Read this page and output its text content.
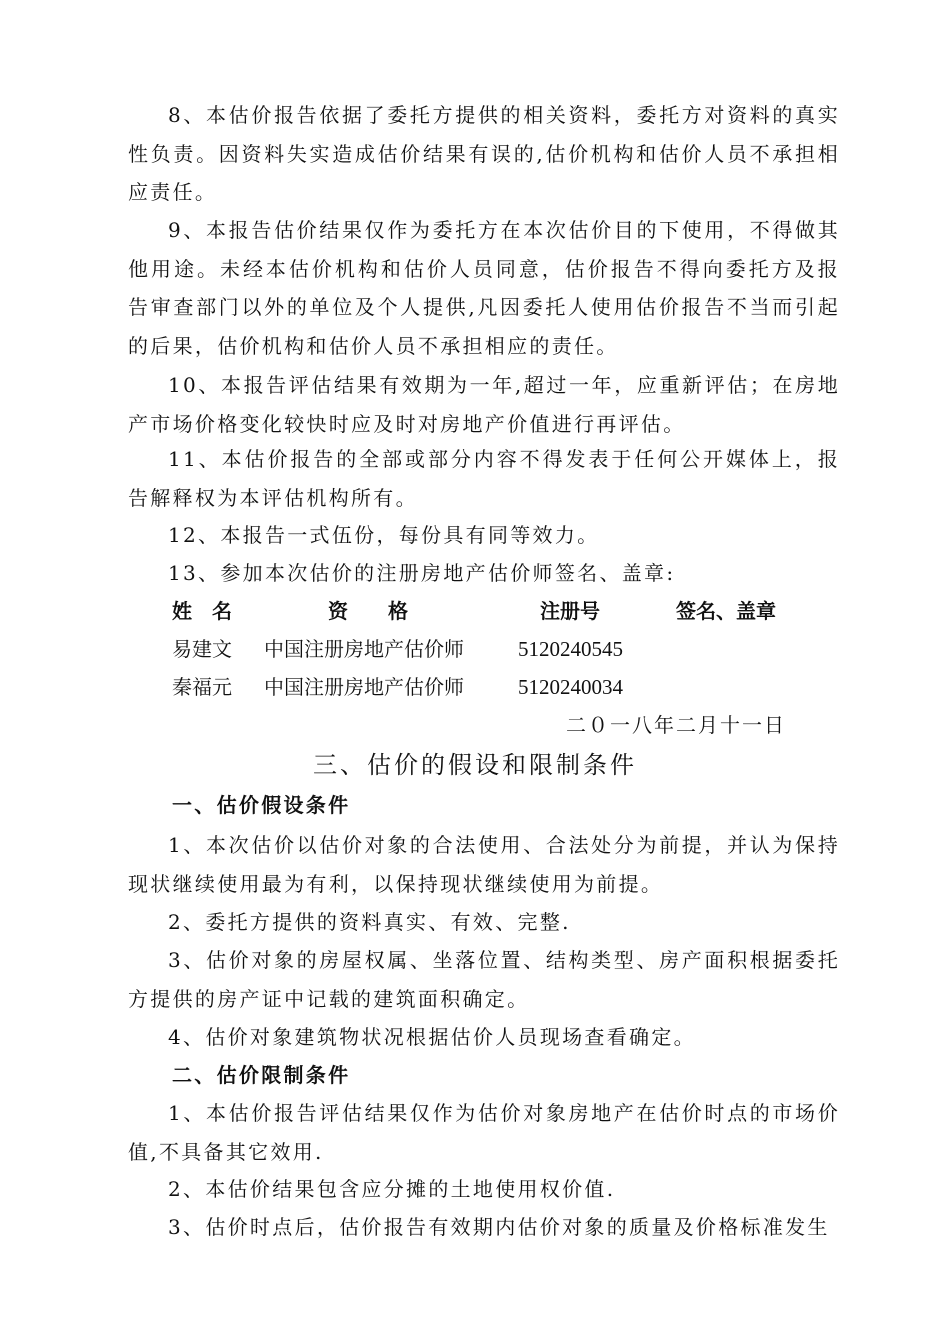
8、本估价报告依据了委托方提供的相关资料，委托方对资料的真实性负责。因资料失实造成估价结果有误的,估价机构和估价人员不承担相应责任。

9、本报告估价结果仅作为委托方在本次估价目的下使用，不得做其他用途。未经本估价机构和估价人员同意，估价报告不得向委托方及报告审查部门以外的单位及个人提供,凡因委托人使用估价报告不当而引起的后果，估价机构和估价人员不承担相应的责任。

10、本报告评估结果有效期为一年,超过一年，应重新评估；在房地产市场价格变化较快时应及时对房地产价值进行再评估。

11、本估价报告的全部或部分内容不得发表于任何公开媒体上，报告解释权为本评估机构所有。

12、本报告一式伍份，每份具有同等效力。

13、参加本次估价的注册房地产估价师签名、盖章:

姓　名	资　　格	注册号	签名、盖章
易建文 中国注册房地产估价师	5120240545
秦福元 中国注册房地产估价师	5120240034
二０一八年二月十一日
三、估价的假设和限制条件
一、估价假设条件

1、本次估价以估价对象的合法使用、合法处分为前提，并认为保持现状继续使用最为有利，以保持现状继续使用为前提。

2、委托方提供的资料真实、有效、完整.

3、估价对象的房屋权属、坐落位置、结构类型、房产面积根据委托方提供的房产证中记载的建筑面积确定。

4、估价对象建筑物状况根据估价人员现场查看确定。

二、估价限制条件

1、本估价报告评估结果仅作为估价对象房地产在估价时点的市场价值,不具备其它效用.

2、本估价结果包含应分摊的土地使用权价值.

3、估价时点后，估价报告有效期内估价对象的质量及价格标准发生
